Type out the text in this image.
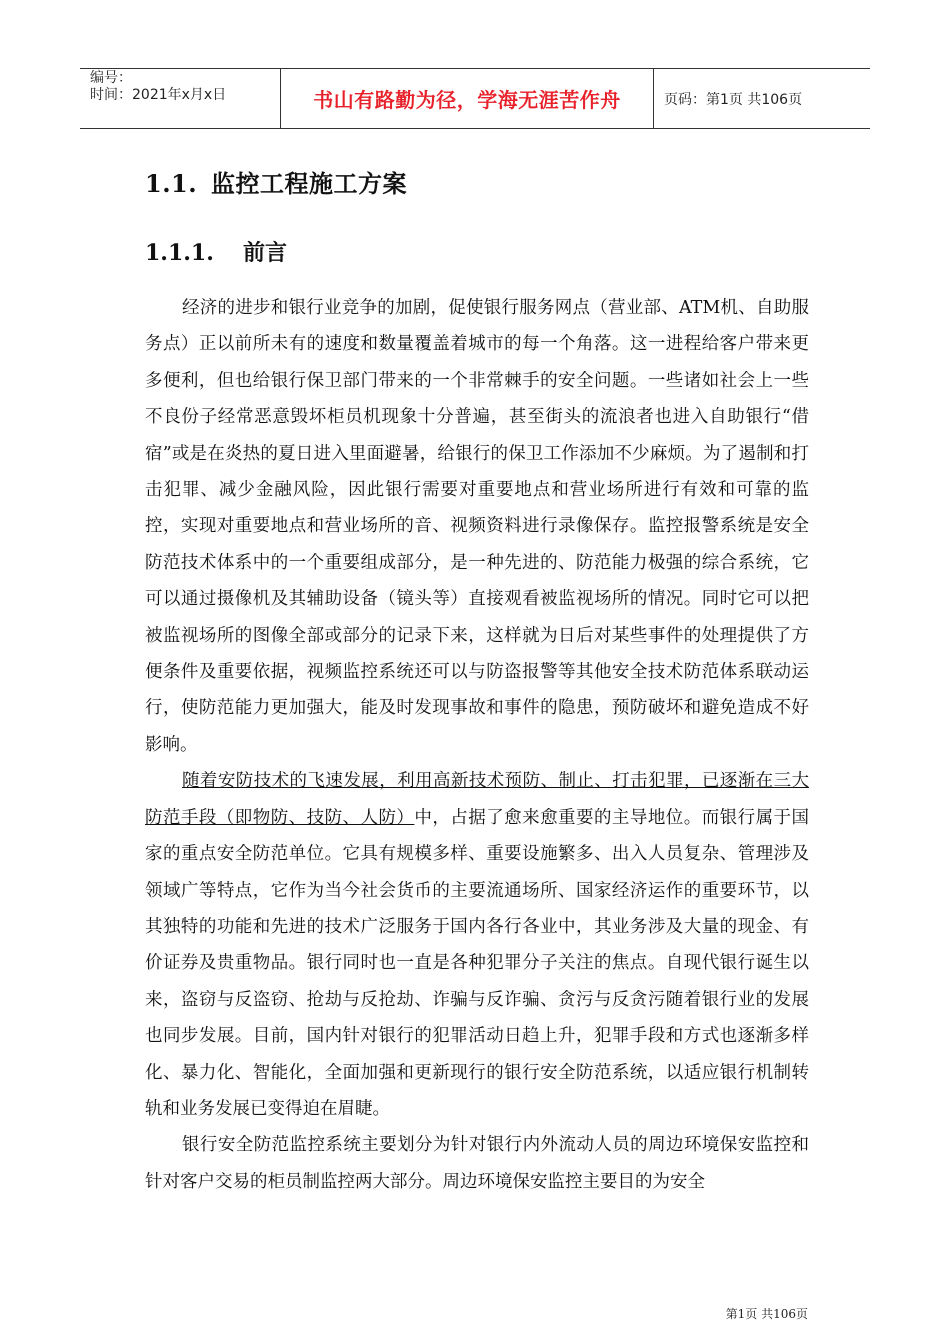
编号：
时间：2021年x月x日	书山有路勤为径，学海无涯苦作舟	页码：第1页 共106页
1.1. 监控工程施工方案
1.1.1. 前言

经济的进步和银行业竞争的加剧，促使银行服务网点（营业部、ATM机、自助服务点）正以前所未有的速度和数量覆盖着城市的每一个角落。这一进程给客户带来更多便利，但也给银行保卫部门带来的一个非常棘手的安全问题。一些诸如社会上一些不良份子经常恶意毁坏柜员机现象十分普遍，甚至街头的流浪者也进入自助银行“借宿”或是在炎热的夏日进入里面避暑，给银行的保卫工作添加不少麻烦。为了遏制和打击犯罪、减少金融风险，因此银行需要对重要地点和营业场所进行有效和可靠的监控，实现对重要地点和营业场所的音、视频资料进行录像保存。监控报警系统是安全防范技术体系中的一个重要组成部分，是一种先进的、防范能力极强的综合系统，它可以通过摄像机及其辅助设备（镜头等）直接观看被监视场所的情况。同时它可以把被监视场所的图像全部或部分的记录下来，这样就为日后对某些事件的处理提供了方便条件及重要依据，视频监控系统还可以与防盗报警等其他安全技术防范体系联动运行，使防范能力更加强大，能及时发现事故和事件的隐患，预防破坏和避免造成不好影响。

随着安防技术的飞速发展，利用高新技术预防、制止、打击犯罪，已逐渐在三大防范手段（即物防、技防、人防）中，占据了愈来愈重要的主导地位。而银行属于国家的重点安全防范单位。它具有规模多样、重要设施繁多、出入人员复杂、管理涉及领域广等特点，它作为当今社会货币的主要流通场所、国家经济运作的重要环节，以其独特的功能和先进的技术广泛服务于国内各行各业中，其业务涉及大量的现金、有价证券及贵重物品。银行同时也一直是各种犯罪分子关注的焦点。自现代银行诞生以来，盗窃与反盗窃、抢劫与反抢劫、诈骗与反诈骗、贪污与反贪污随着银行业的发展也同步发展。目前，国内针对银行的犯罪活动日趋上升，犯罪手段和方式也逐渐多样化、暴力化、智能化，全面加强和更新现行的银行安全防范系统，以适应银行机制转轨和业务发展已变得迫在眉睫。

银行安全防范监控系统主要划分为针对银行内外流动人员的周边环境保安监控和针对客户交易的柜员制监控两大部分。周边环境保安监控主要目的为安全

第1页 共106页
